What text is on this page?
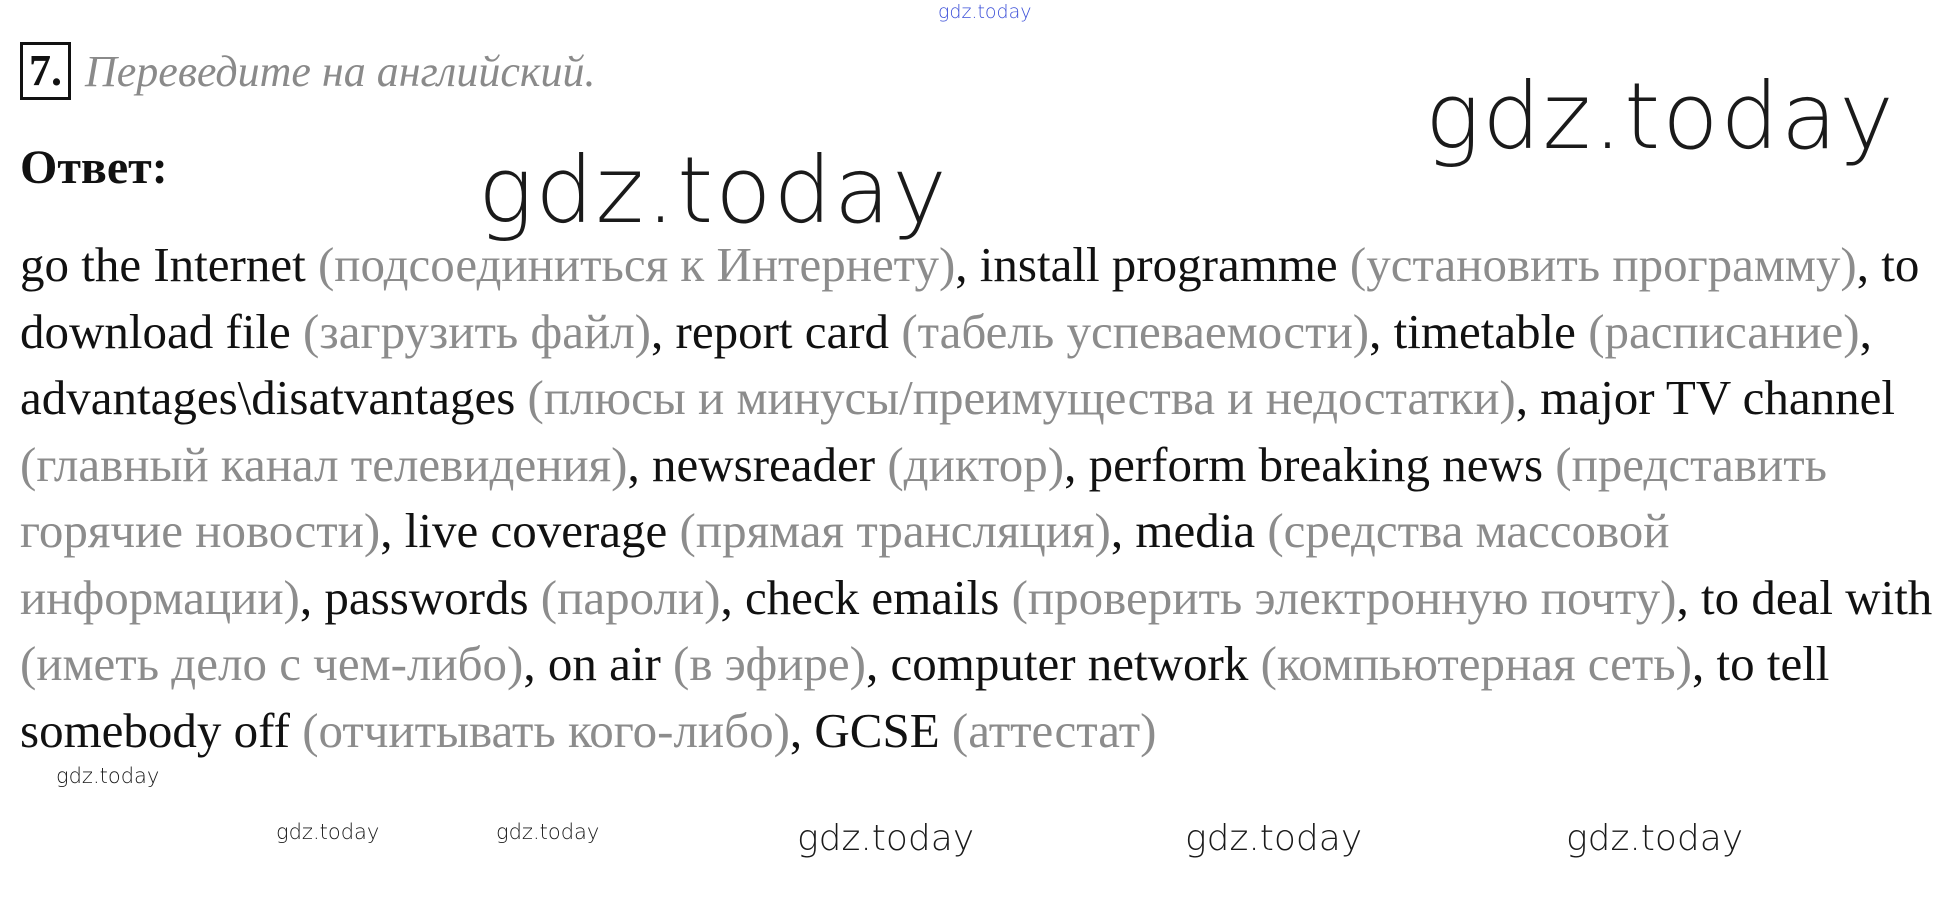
gdz.today
gdz.today
gdz.today
7. Переведите на английский.
Ответ:
go the Internet (подсоединиться к Интернету), install programme (установить программу), to download file (загрузить файл), report card (табель успеваемости), timetable (расписание), advantages\disatvantages (плюсы и минусы/преимущества и недостатки), major TV channel (главный канал телевидения), newsreader (диктор), perform breaking news (представить горячие новости), live coverage (прямая трансляция), media (средства массовой информации), passwords (пароли), check emails (проверить электронную почту), to deal with (иметь дело с чем-либо), on air (в эфире), computer network (компьютерная сеть), to tell somebody off (отчитывать кого-либо), GCSE (аттестат)
gdz.today
gdz.today	gdz.today	gdz.today	gdz.today	gdz.today
